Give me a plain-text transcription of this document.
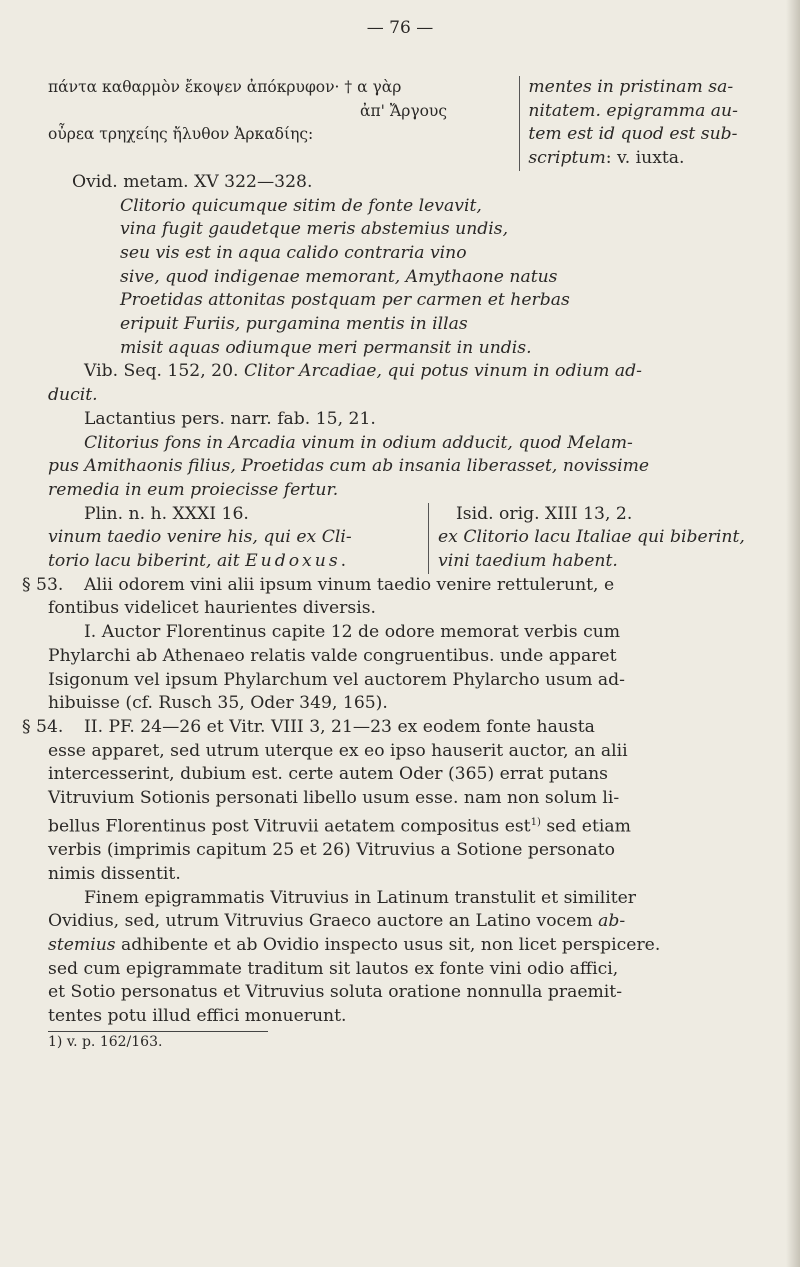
— 76 —
πάντα καθαρμὸν ἔκοψεν ἀπόκρυφον· † α γὰρ
ἀπ' Ἄργους
οὖρεα τρηχείης ἤλυθον Ἀρκαδίης:
mentes in pristinam sa-
nitatem. epigramma au-
tem est id quod est sub-
scriptum: v. iuxta.
Ovid. metam. XV 322—328.
Clitorio quicumque sitim de fonte levavit,
vina fugit gaudetque meris abstemius undis,
seu vis est in aqua calido contraria vino
sive, quod indigenae memorant, Amythaone natus
Proetidas attonitas postquam per carmen et herbas
eripuit Furiis, purgamina mentis in illas
misit aquas odiumque meri permansit in undis.
Vib. Seq. 152, 20. Clitor Arcadiae, qui potus vinum in odium ad-
ducit.
Lactantius pers. narr. fab. 15, 21.
Clitorius fons in Arcadia vinum in odium adducit, quod Melam-
pus Amithaonis filius, Proetidas cum ab insania liberasset, novissime
remedia in eum proiecisse fertur.
Plin. n. h. XXXI 16.
vinum taedio venire his, qui ex Cli-
torio lacu biberint, ait Eudoxus.
Isid. orig. XIII 13, 2.
ex Clitorio lacu Italiae qui biberint,
vini taedium habent.
§ 53.	Alii odorem vini alii ipsum vinum taedio venire rettulerunt, e
fontibus videlicet haurientes diversis.
I. Auctor Florentinus capite 12 de odore memorat verbis cum
Phylarchi ab Athenaeo relatis valde congruentibus. unde apparet
Isigonum vel ipsum Phylarchum vel auctorem Phylarcho usum ad-
hibuisse (cf. Rusch 35, Oder 349, 165).
§ 54.	II. PF. 24—26 et Vitr. VIII 3, 21—23 ex eodem fonte hausta
esse apparet, sed utrum uterque ex eo ipso hauserit auctor, an alii
intercesserint, dubium est. certe autem Oder (365) errat putans
Vitruvium Sotionis personati libello usum esse. nam non solum li-
bellus Florentinus post Vitruvii aetatem compositus est$^{1)}$ sed etiam
verbis (imprimis capitum 25 et 26) Vitruvius a Sotione personato
nimis dissentit.
Finem epigrammatis Vitruvius in Latinum transtulit et similiter
Ovidius, sed, utrum Vitruvius Graeco auctore an Latino vocem ab-
stemius adhibente et ab Ovidio inspecto usus sit, non licet perspicere.
sed cum epigrammate traditum sit lautos ex fonte vini odio affici,
et Sotio personatus et Vitruvius soluta oratione nonnulla praemit-
tentes potu illud effici monuerunt.
1) v. p. 162/163.
